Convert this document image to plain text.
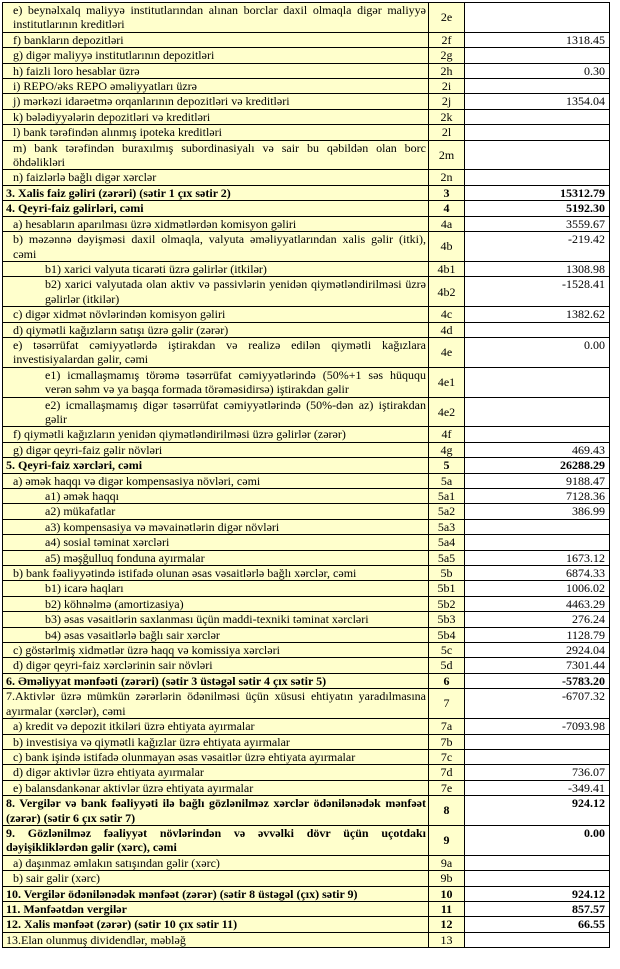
e) beynəlxalq maliyyə institutlarından alınan borclar daxil olmaqla digər maliyyə institutlarının kreditləri	2e	
f) bankların depozitləri	2f	1318.45
g) digər maliyyə institutlarının depozitləri	2g	
h) faizli loro hesablar üzrə	2h	0.30
i) REPO/əks REPO əməliyyatları üzrə	2i	
j) mərkəzi idarəetmə orqanlarının depozitləri və kreditləri	2j	1354.04
k) bələdiyyələrin depozitləri və kreditləri	2k	
l) bank tərəfindən alınmış ipoteka kreditləri	2l	
m) bank tərəfindən buraxılmış subordinasiyalı və sair bu qəbildən olan borc öhdəlikləri	2m	
n) faizlərlə bağlı digər xərclər	2n	
3. Xalis faiz gəliri (zərəri) (sətir 1 çıx sətir 2)	3	15312.79
4. Qeyri-faiz gəlirləri, cəmi	4	5192.30
a) hesabların aparılması üzrə xidmətlərdən komisyon gəliri	4a	3559.67
b) məzənnə dəyişməsi daxil olmaqla, valyuta əməliyyatlarından xalis gəlir (itki), cəmi	4b	-219.42
b1) xarici valyuta ticarəti üzrə gəlirlər (itkilər)	4b1	1308.98
b2) xarici valyutada olan aktiv və passivlərin yenidən qiymətləndirilməsi üzrə gəlirlər (itkilər)	4b2	-1528.41
c) digər xidmət növlərindən komisyon gəliri	4c	1382.62
d) qiymətli kağızların satışı üzrə gəlir (zərər)	4d	
e) təsərrüfat cəmiyyətlərdə iştirakdan və realizə edilən qiymətli kağızlara investisiyalardan gəlir, cəmi	4e	0.00
e1) icmallaşmamış törəmə təsərrüfat cəmiyyətlərində (50%+1 səs hüququ verən səhm və ya başqa formada törəməsidirsə) iştirakdan gəlir	4e1	
e2) icmallaşmamış digər təsərrüfat cəmiyyətlərində (50%-dən az) iştirakdan gəlir	4e2	
f) qiymətli kağızların yenidən qiymətləndirilməsi üzrə gəlirlər (zərər)	4f	
g) digər qeyri-faiz gəlir növləri	4g	469.43
5. Qeyri-faiz xərcləri, cəmi	5	26288.29
a) əmək haqqı və digər kompensasiya növləri, cəmi	5a	9188.47
a1) əmək haqqı	5a1	7128.36
a2) mükafatlar	5a2	386.99
a3) kompensasiya və məvainətlərin digər növləri	5a3	
a4) sosial təminat xərcləri	5a4	
a5) məşğulluq fonduna ayırmalar	5a5	1673.12
b) bank fəaliyyətində istifadə olunan əsas vəsaitlərlə bağlı xərclər, cəmi	5b	6874.33
b1) icarə haqları	5b1	1006.02
b2) köhnəlmə (amortizasiya)	5b2	4463.29
b3) əsas vəsaitlərin saxlanması üçün maddi-texniki təminat xərcləri	5b3	276.24
b4) əsas vəsaitlərlə bağlı sair xərclər	5b4	1128.79
c) göstərlmiş xidmətlər üzrə haqq və komissiya xərcləri	5c	2924.04
d) digər qeyri-faiz xərclərinin sair növləri	5d	7301.44
6. Əməliyyat mənfəəti (zərəri) (sətir 3 üstəgəl sətir 4 çıx sətir 5)	6	-5783.20
7.Aktivlər üzrə mümkün zərərlərin ödənilməsi üçün xüsusi ehtiyatın yaradılmasına ayırmalar (xərclər), cəmi	7	-6707.32
a) kredit və depozit itkiləri üzrə ehtiyata ayırmalar	7a	-7093.98
b) investisiya və qiymətli kağızlar üzrə ehtiyata ayırmalar	7b	
c) bank işində istifadə olunmayan əsas vəsaitlər üzrə ehtiyata ayırmalar	7c	
d) digər aktivlər üzrə ehtiyata ayırmalar	7d	736.07
e) balansdankənar aktivlər üzrə ehtiyata ayırmalar	7e	-349.41
8. Vergilər və bank fəaliyyəti ilə bağlı gözlənilməz xərclər ödənilənədək mənfəət (zərər) (sətir 6 çıx sətir 7)	8	924.12
9. Gözlənilməz fəaliyyət növlərindən və əvvəlki dövr üçün uçotdakı dəyişikliklərdən gəlir (xərc), cəmi	9	0.00
a) daşınmaz əmlakın satışından gəlir (xərc)	9a	
b) sair gəlir (xərc)	9b	
10. Vergilər ödənilənədək mənfəət (zərər) (sətir 8 üstəgəl (çıx) sətir 9)	10	924.12
11. Mənfəətdən vergilər	11	857.57
12. Xalis mənfəət (zərər) (sətir 10 çıx sətir 11)	12	66.55
13.Elan olunmuş dividendlər, məbləğ	13	
